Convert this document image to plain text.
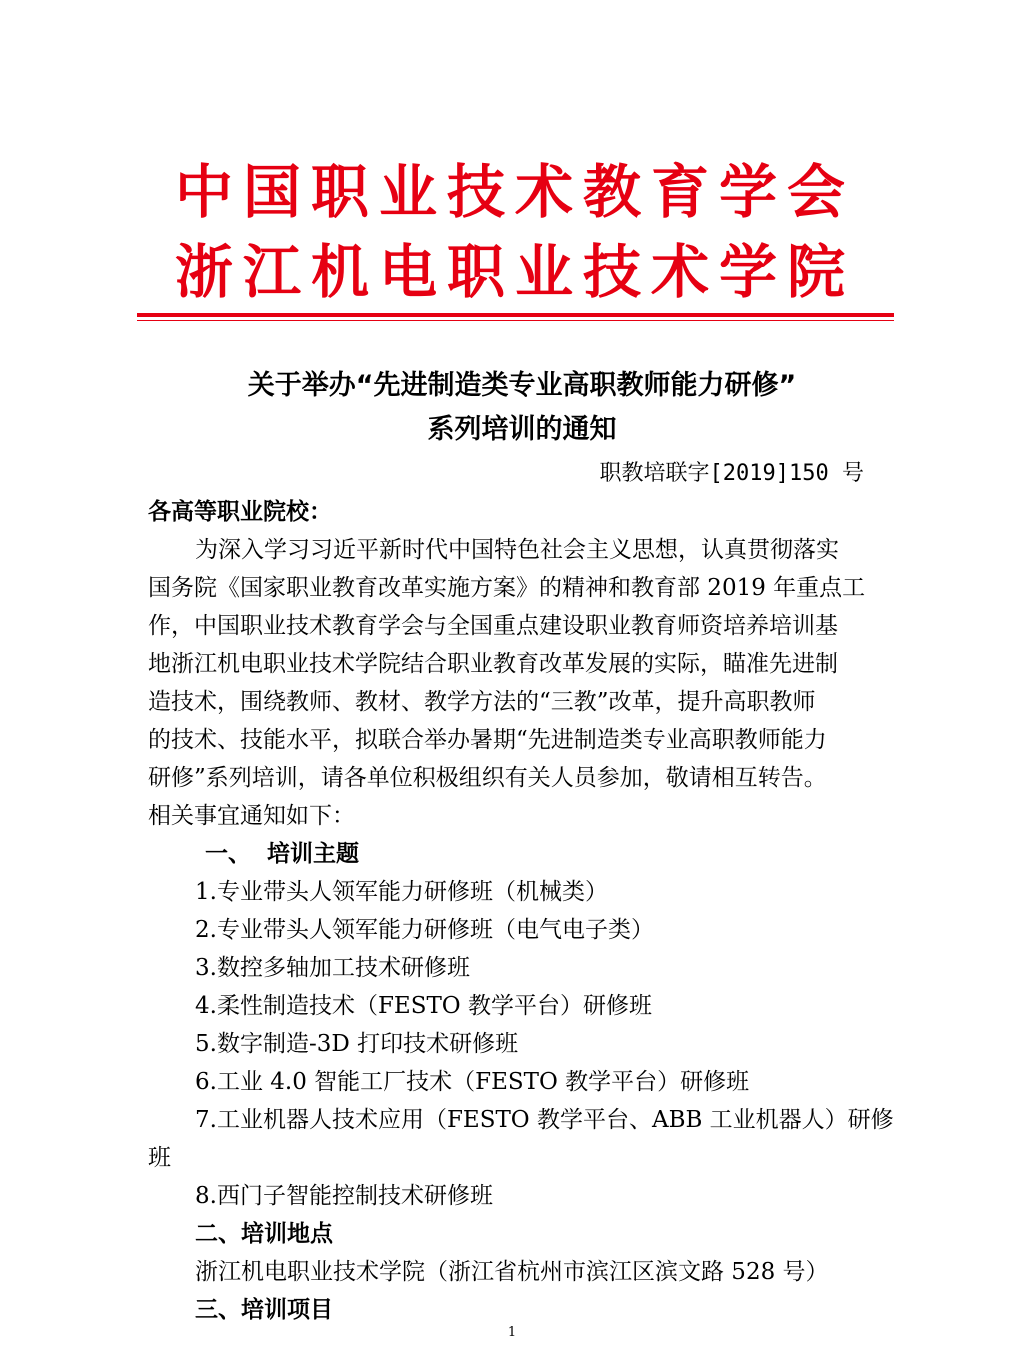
中国职业技术教育学会
浙江机电职业技术学院
关于举办“先进制造类专业高职教师能力研修”
系列培训的通知
职教培联字[2019]150 号
各高等职业院校：
为深入学习习近平新时代中国特色社会主义思想，认真贯彻落实
国务院《国家职业教育改革实施方案》的精神和教育部 2019 年重点工
作，中国职业技术教育学会与全国重点建设职业教育师资培养培训基
地浙江机电职业技术学院结合职业教育改革发展的实际，瞄准先进制
造技术，围绕教师、教材、教学方法的“三教”改革，提升高职教师
的技术、技能水平，拟联合举办暑期“先进制造类专业高职教师能力
研修”系列培训，请各单位积极组织有关人员参加，敬请相互转告。
相关事宜通知如下：
一、  培训主题
1.专业带头人领军能力研修班（机械类）
2.专业带头人领军能力研修班（电气电子类）
3.数控多轴加工技术研修班
4.柔性制造技术（FESTO 教学平台）研修班
5.数字制造-3D 打印技术研修班
6.工业 4.0 智能工厂技术（FESTO 教学平台）研修班
7.工业机器人技术应用（FESTO 教学平台、ABB 工业机器人）研修
班
8.西门子智能控制技术研修班
二、培训地点
浙江机电职业技术学院（浙江省杭州市滨江区滨文路 528 号）
三、培训项目
1
